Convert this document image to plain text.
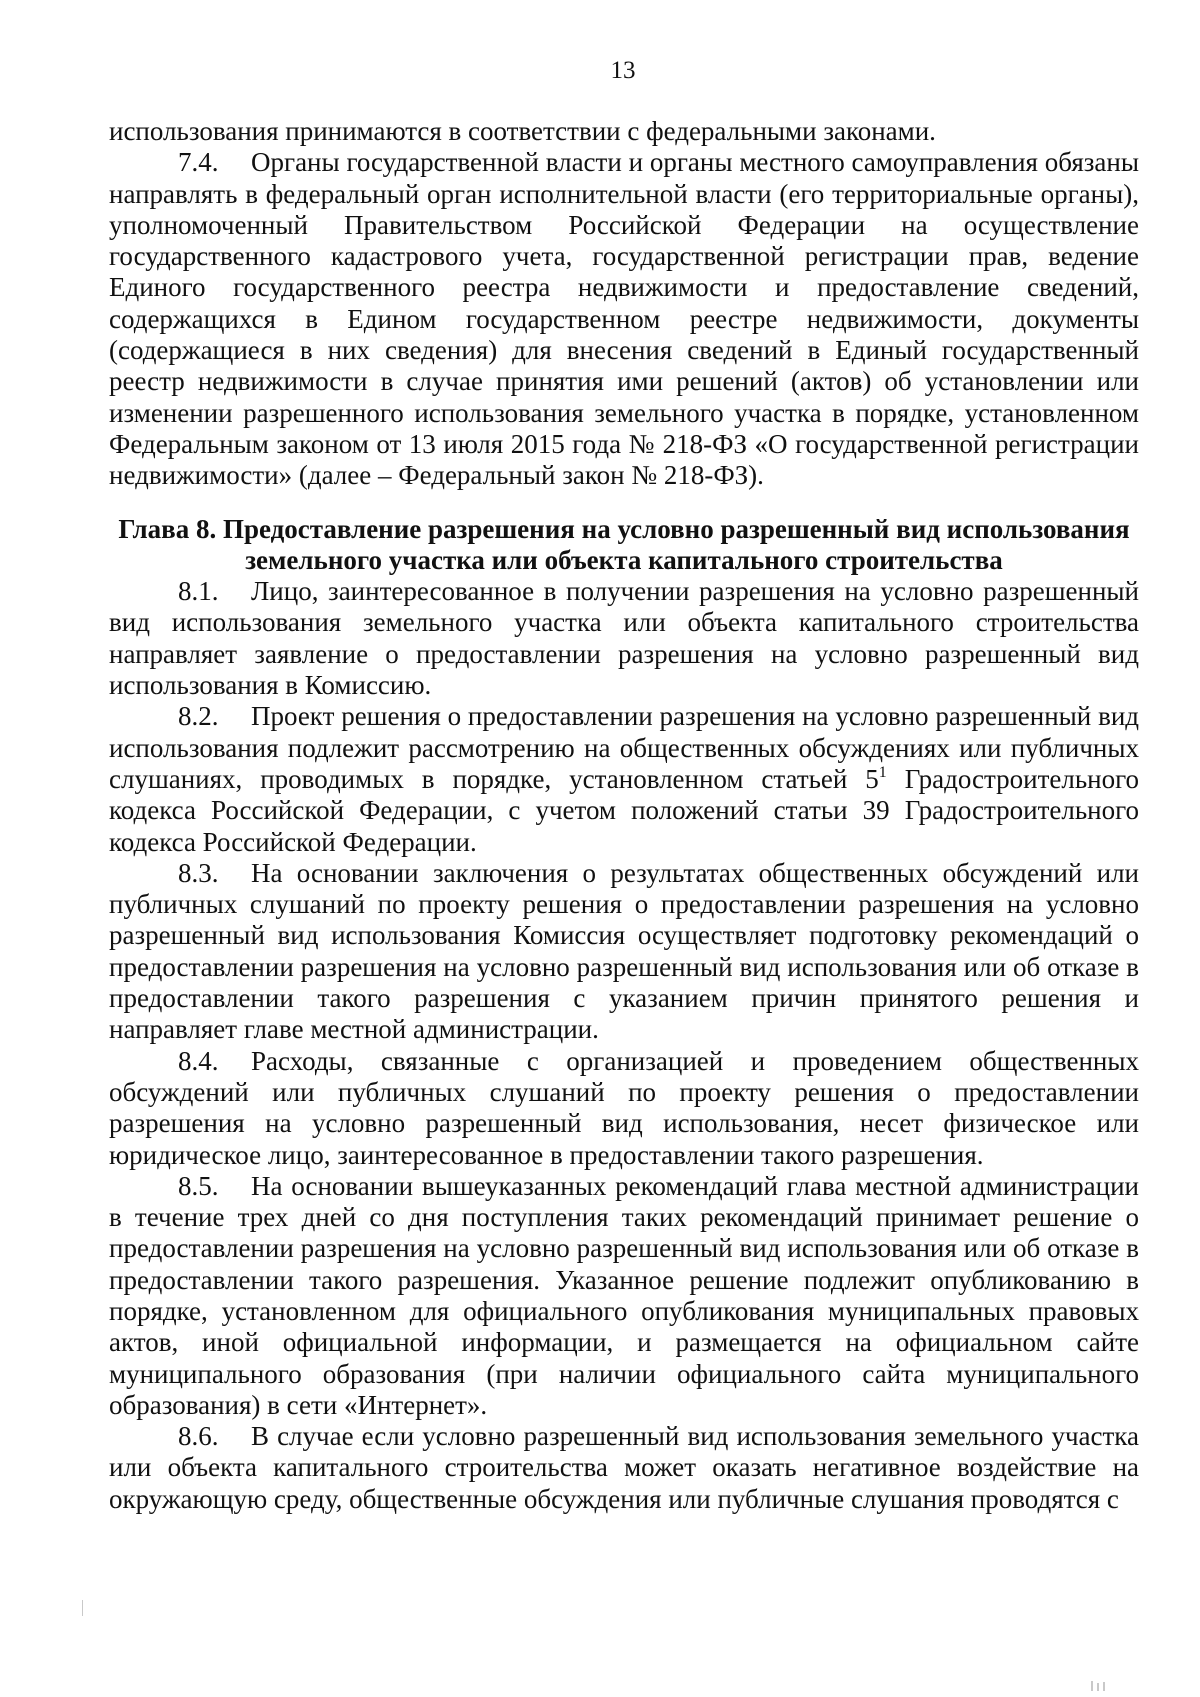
13

использования принимаются в соответствии с федеральными законами.

7.4. Органы государственной власти и органы местного самоуправления обязаны направлять в федеральный орган исполнительной власти (его территориальные органы), уполномоченный Правительством Российской Федерации на осуществление государственного кадастрового учета, государственной регистрации прав, ведение Единого государственного реестра недвижимости и предоставление сведений, содержащихся в Едином государственном реестре недвижимости, документы (содержащиеся в них сведения) для внесения сведений в Единый государственный реестр недвижимости в случае принятия ими решений (актов) об установлении или изменении разрешенного использования земельного участка в порядке, установленном Федеральным законом от 13 июля 2015 года № 218-ФЗ «О государственной регистрации недвижимости» (далее – Федеральный закон № 218-ФЗ).

Глава 8. Предоставление разрешения на условно разрешенный вид использования земельного участка или объекта капитального строительства

8.1. Лицо, заинтересованное в получении разрешения на условно разрешенный вид использования земельного участка или объекта капитального строительства направляет заявление о предоставлении разрешения на условно разрешенный вид использования в Комиссию.

8.2. Проект решения о предоставлении разрешения на условно разрешенный вид использования подлежит рассмотрению на общественных обсуждениях или публичных слушаниях, проводимых в порядке, установленном статьей $5^1$ Градостроительного кодекса Российской Федерации, с учетом положений статьи 39 Градостроительного кодекса Российской Федерации.

8.3. На основании заключения о результатах общественных обсуждений или публичных слушаний по проекту решения о предоставлении разрешения на условно разрешенный вид использования Комиссия осуществляет подготовку рекомендаций о предоставлении разрешения на условно разрешенный вид использования или об отказе в предоставлении такого разрешения с указанием причин принятого решения и направляет главе местной администрации.

8.4. Расходы, связанные с организацией и проведением общественных обсуждений или публичных слушаний по проекту решения о предоставлении разрешения на условно разрешенный вид использования, несет физическое или юридическое лицо, заинтересованное в предоставлении такого разрешения.

8.5. На основании вышеуказанных рекомендаций глава местной администрации в течение трех дней со дня поступления таких рекомендаций принимает решение о предоставлении разрешения на условно разрешенный вид использования или об отказе в предоставлении такого разрешения. Указанное решение подлежит опубликованию в порядке, установленном для официального опубликования муниципальных правовых актов, иной официальной информации, и размещается на официальном сайте муниципального образования (при наличии официального сайта муниципального образования) в сети «Интернет».

8.6. В случае если условно разрешенный вид использования земельного участка или объекта капитального строительства может оказать негативное воздействие на окружающую среду, общественные обсуждения или публичные слушания проводятся с
